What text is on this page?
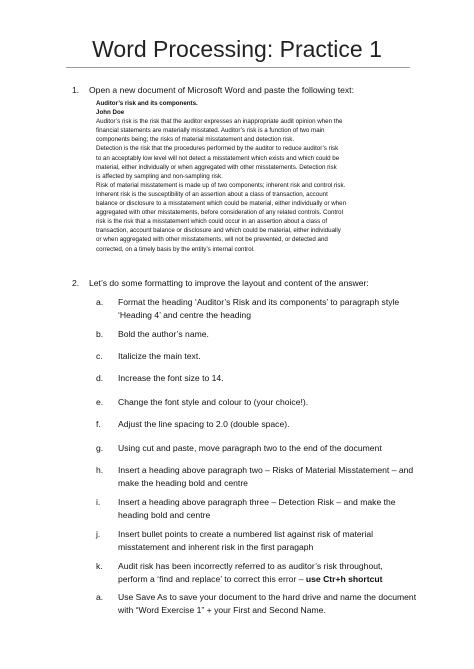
Word Processing: Practice 1
1. Open a new document of Microsoft Word and paste the following text:
Auditor’s risk and its components.
John Doe
Auditor’s risk is the risk that the auditor expresses an inappropriate audit opinion when the
financial statements are materially misstated. Auditor’s risk is a function of two main
components being; the risks of material misstatement and detection risk.
Detection is the risk that the procedures performed by the auditor to reduce auditor’s risk
to an acceptably low level will not detect a misstatement which exists and which could be
material, either individually or when aggregated with other misstatements. Detection risk
is affected by sampling and non-sampling risk.
Risk of material misstatement is made up of two components; inherent risk and control risk.
Inherent risk is the susceptibility of an assertion about a class of transaction, account
balance or disclosure to a misstatement which could be material, either individually or when
aggregated with other misstatements, before consideration of any related controls. Control
risk is the risk that a misstatement which could occur in an assertion about a class of
transaction, account balance or disclosure and which could be material, either individually
or when aggregated with other misstatements, will not be prevented, or detected and
corrected, on a timely basis by the entity’s internal control.
2. Let’s do some formatting to improve the layout and content of the answer:
a. Format the heading ‘Auditor’s Risk and its components’ to paragraph style
‘Heading 4’ and centre the heading
b. Bold the author’s name.
c. Italicize the main text.
d. Increase the font size to 14.
e. Change the font style and colour to (your choice!).
f. Adjust the line spacing to 2.0 (double space).
g. Using cut and paste, move paragraph two to the end of the document
h. Insert a heading above paragraph two – Risks of Material Misstatement – and
make the heading bold and centre
i. Insert a heading above paragraph three – Detection Risk – and make the
heading bold and centre
j. Insert bullet points to create a numbered list against risk of material
misstatement and inherent risk in the first paragaph
k. Audit risk has been incorrectly referred to as auditor’s risk throughout,
perform a ‘find and replace’ to correct this error – use Ctr+h shortcut
a. Use Save As to save your document to the hard drive and name the document
with “Word Exercise 1” + your First and Second Name.
